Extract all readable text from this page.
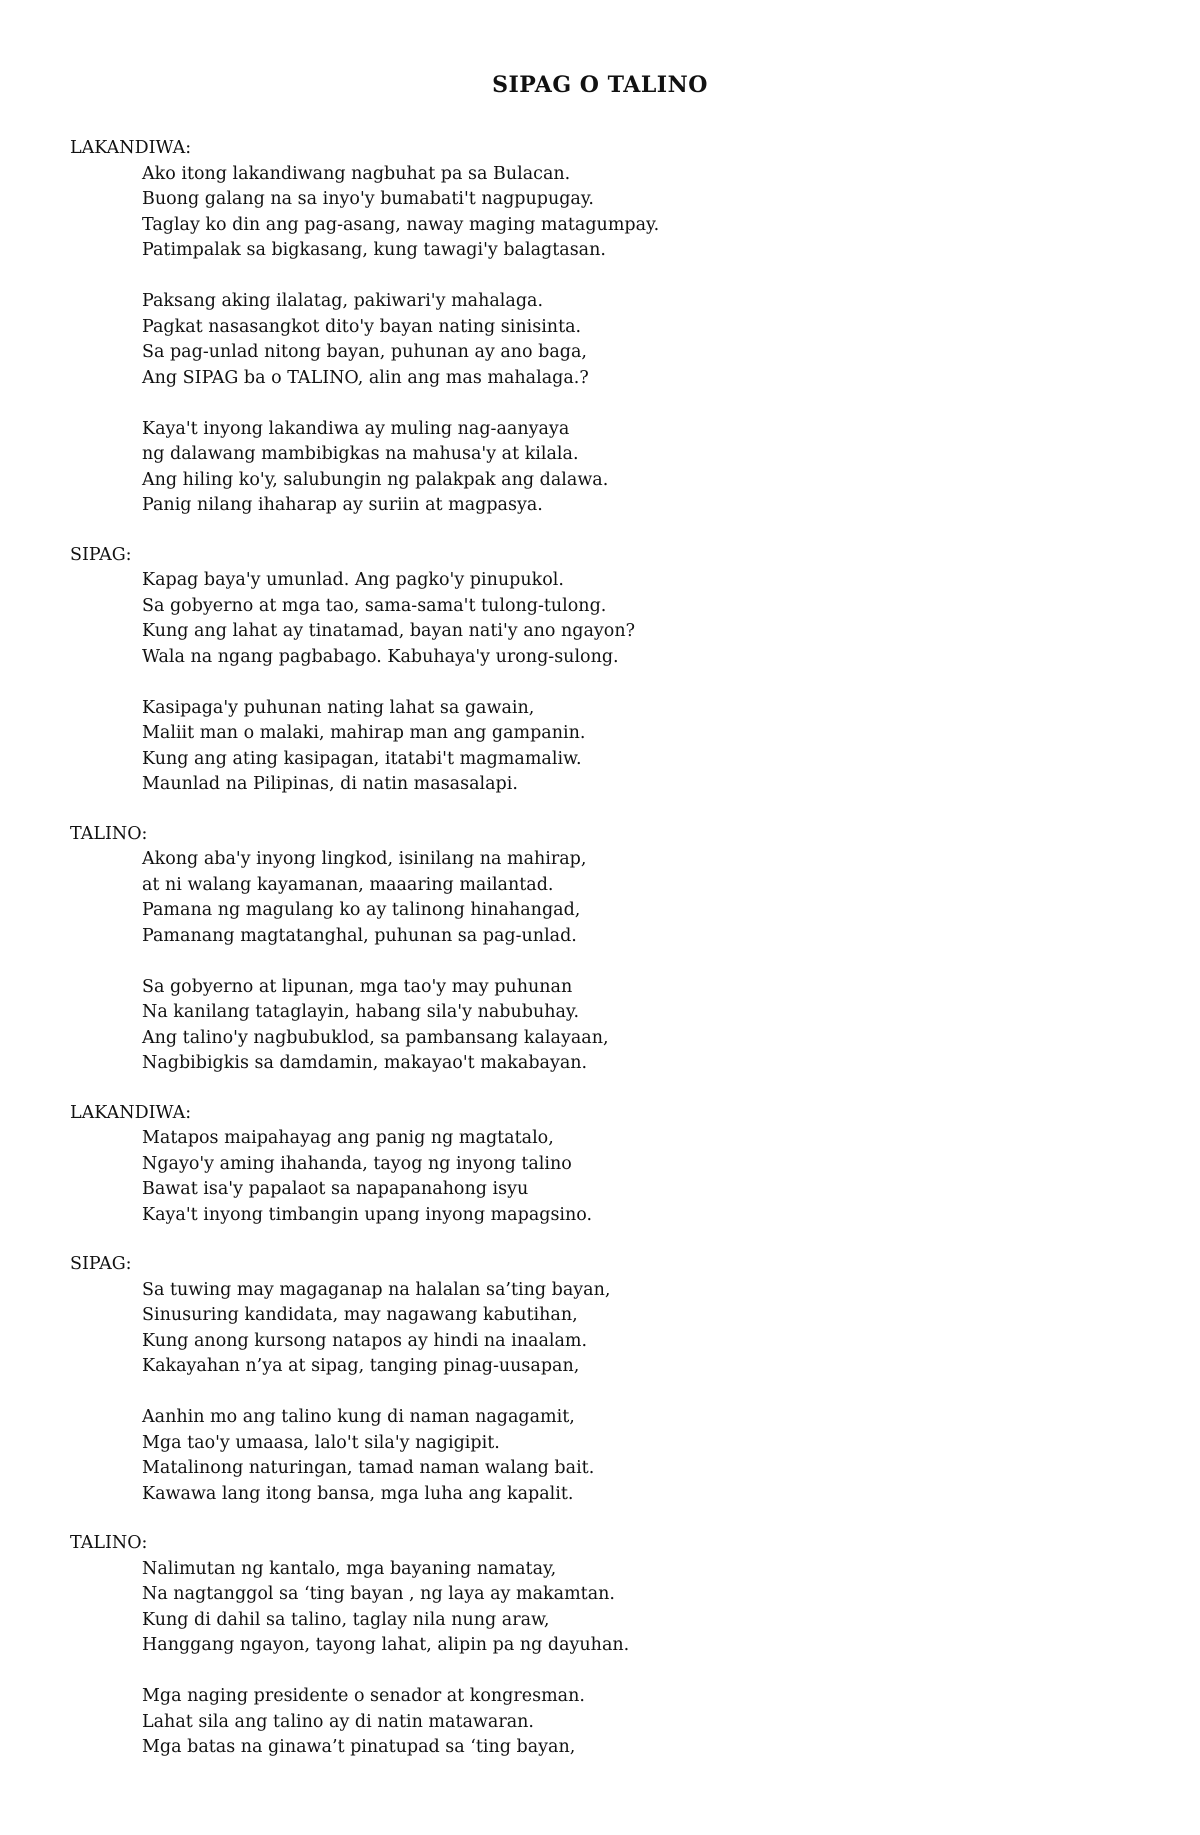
SIPAG O TALINO
LAKANDIWA:
Ako itong lakandiwang nagbuhat pa sa Bulacan.
Buong galang na sa inyo'y bumabati't nagpupugay.
Taglay ko din ang pag-asang, naway maging matagumpay.
Patimpalak sa bigkasang, kung tawagi'y balagtasan.
Paksang aking ilalatag, pakiwari'y mahalaga.
Pagkat nasasangkot dito'y bayan nating sinisinta.
Sa pag-unlad nitong bayan, puhunan ay ano baga,
Ang SIPAG ba o TALINO, alin ang mas mahalaga.?
Kaya't inyong lakandiwa ay muling nag-aanyaya
ng dalawang mambibigkas na mahusa'y at kilala.
Ang hiling ko'y, salubungin ng palakpak ang dalawa.
Panig nilang ihaharap ay suriin at magpasya.
SIPAG:
Kapag baya'y umunlad. Ang pagko'y pinupukol.
Sa gobyerno at mga tao, sama-sama't tulong-tulong.
Kung ang lahat ay tinatamad, bayan nati'y ano ngayon?
Wala na ngang pagbabago. Kabuhaya'y urong-sulong.
Kasipaga'y puhunan nating lahat sa gawain,
Maliit man o malaki, mahirap man ang gampanin.
Kung ang ating kasipagan, itatabi't magmamaliw.
Maunlad na Pilipinas, di natin masasalapi.
TALINO:
Akong aba'y inyong lingkod, isinilang na mahirap,
at ni walang kayamanan, maaaring mailantad.
Pamana ng magulang ko ay talinong hinahangad,
Pamanang magtatanghal, puhunan sa pag-unlad.
Sa gobyerno at lipunan, mga tao'y may puhunan
Na kanilang tataglayin, habang sila'y nabubuhay.
Ang talino'y nagbubuklod, sa pambansang kalayaan,
Nagbibigkis sa damdamin, makayao't makabayan.
LAKANDIWA:
Matapos maipahayag ang panig ng magtatalo,
Ngayo'y aming ihahanda, tayog ng inyong talino
Bawat isa'y papalaot sa napapanahong isyu
Kaya't inyong timbangin upang inyong mapagsino.
SIPAG:
Sa tuwing may magaganap na halalan sa’ting bayan,
Sinusuring kandidata, may nagawang kabutihan,
Kung anong kursong natapos ay hindi na inaalam.
Kakayahan n’ya at sipag, tanging pinag-uusapan,
Aanhin mo ang talino kung di naman nagagamit,
Mga tao'y umaasa, lalo't sila'y nagigipit.
Matalinong naturingan, tamad naman walang bait.
Kawawa lang itong bansa, mga luha ang kapalit.
TALINO:
Nalimutan ng kantalo, mga bayaning namatay,
Na nagtanggol sa ‘ting bayan , ng laya ay makamtan.
Kung di dahil sa talino, taglay nila nung araw,
Hanggang ngayon, tayong lahat, alipin pa ng dayuhan.
Mga naging presidente o senador at kongresman.
Lahat sila ang talino ay di natin matawaran.
Mga batas na ginawa’t pinatupad sa ‘ting bayan,
